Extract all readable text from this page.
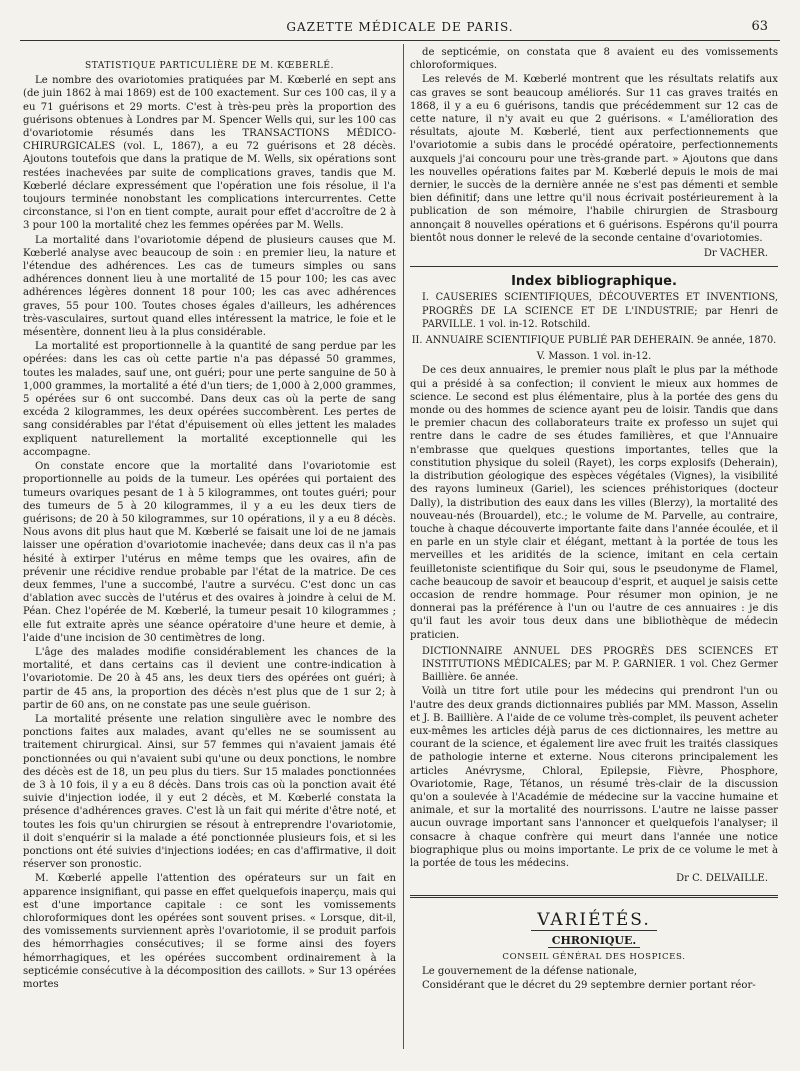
GAZETTE MÉDICALE DE PARIS.	63

STATISTIQUE PARTICULIÈRE DE M. KŒBERLÉ.

Le nombre des ovariotomies pratiquées par M. Kœberlé en sept ans (de juin 1862 à mai 1869) est de 100 exactement. Sur ces 100 cas, il y a eu 71 guérisons et 29 morts. C'est à très-peu près la proportion des guérisons obtenues à Londres par M. Spencer Wells qui, sur les 100 cas d'ovariotomie résumés dans les TRANSACTIONS MÉDICO-CHIRURGICALES (vol. L, 1867), a eu 72 guérisons et 28 décès. Ajoutons toutefois que dans la pratique de M. Wells, six opérations sont restées inachevées par suite de complications graves, tandis que M. Kœberlé déclare expressément que l'opération une fois résolue, il l'a toujours terminée nonobstant les complications intercurrentes. Cette circonstance, si l'on en tient compte, aurait pour effet d'accroître de 2 à 3 pour 100 la mortalité chez les femmes opérées par M. Wells.

La mortalité dans l'ovariotomie dépend de plusieurs causes que M. Kœberlé analyse avec beaucoup de soin : en premier lieu, la nature et l'étendue des adhérences. Les cas de tumeurs simples ou sans adhérences donnent lieu à une mortalité de 15 pour 100; les cas avec adhérences légères donnent 18 pour 100; les cas avec adhérences graves, 55 pour 100. Toutes choses égales d'ailleurs, les adhérences très-vasculaires, surtout quand elles intéressent la matrice, le foie et le mésentère, donnent lieu à la plus considérable.

La mortalité est proportionnelle à la quantité de sang perdue par les opérées: dans les cas où cette partie n'a pas dépassé 50 grammes, toutes les malades, sauf une, ont guéri; pour une perte sanguine de 50 à 1,000 grammes, la mortalité a été d'un tiers; de 1,000 à 2,000 grammes, 5 opérées sur 6 ont succombé. Dans deux cas où la perte de sang excéda 2 kilogrammes, les deux opérées succombèrent. Les pertes de sang considérables par l'état d'épuisement où elles jettent les malades expliquent naturellement la mortalité exceptionnelle qui les accompagne.

On constate encore que la mortalité dans l'ovariotomie est proportionnelle au poids de la tumeur. Les opérées qui portaient des tumeurs ovariques pesant de 1 à 5 kilogrammes, ont toutes guéri; pour des tumeurs de 5 à 20 kilogrammes, il y a eu les deux tiers de guérisons; de 20 à 50 kilogrammes, sur 10 opérations, il y a eu 8 décès. Nous avons dit plus haut que M. Kœberlé se faisait une loi de ne jamais laisser une opération d'ovariotomie inachevée; dans deux cas il n'a pas hésité à extirper l'utérus en même temps que les ovaires, afin de prévenir une récidive rendue probable par l'état de la matrice. De ces deux femmes, l'une a succombé, l'autre a survécu. C'est donc un cas d'ablation avec succès de l'utérus et des ovaires à joindre à celui de M. Péan. Chez l'opérée de M. Kœberlé, la tumeur pesait 10 kilogrammes ; elle fut extraite après une séance opératoire d'une heure et demie, à l'aide d'une incision de 30 centimètres de long.

L'âge des malades modifie considérablement les chances de la mortalité, et dans certains cas il devient une contre-indication à l'ovariotomie. De 20 à 45 ans, les deux tiers des opérées ont guéri; à partir de 45 ans, la proportion des décès n'est plus que de 1 sur 2; à partir de 60 ans, on ne constate pas une seule guérison.

La mortalité présente une relation singulière avec le nombre des ponctions faites aux malades, avant qu'elles ne se soumissent au traitement chirurgical. Ainsi, sur 57 femmes qui n'avaient jamais été ponctionnées ou qui n'avaient subi qu'une ou deux ponctions, le nombre des décès est de 18, un peu plus du tiers. Sur 15 malades ponctionnées de 3 à 10 fois, il y a eu 8 décès. Dans trois cas où la ponction avait été suivie d'injection iodée, il y eut 2 décès, et M. Kœberlé constata la présence d'adhérences graves. C'est là un fait qui mérite d'être noté, et toutes les fois qu'un chirurgien se résout à entreprendre l'ovariotomie, il doit s'enquérir si la malade a été ponctionnée plusieurs fois, et si les ponctions ont été suivies d'injections iodées; en cas d'affirmative, il doit réserver son pronostic.

M. Kœberlé appelle l'attention des opérateurs sur un fait en apparence insignifiant, qui passe en effet quelquefois inaperçu, mais qui est d'une importance capitale : ce sont les vomissements chloroformiques dont les opérées sont souvent prises. « Lorsque, dit-il, des vomissements surviennent après l'ovariotomie, il se produit parfois des hémorrhagies consécutives; il se forme ainsi des foyers hémorrhagiques, et les opérées succombent ordinairement à la septicémie consécutive à la décomposition des caillots. » Sur 13 opérées mortes

de septicémie, on constata que 8 avaient eu des vomissements chloroformiques.

Les relevés de M. Kœberlé montrent que les résultats relatifs aux cas graves se sont beaucoup améliorés. Sur 11 cas graves traités en 1868, il y a eu 6 guérisons, tandis que précédemment sur 12 cas de cette nature, il n'y avait eu que 2 guérisons. « L'amélioration des résultats, ajoute M. Kœberlé, tient aux perfectionnements que l'ovariotomie a subis dans le procédé opératoire, perfectionnements auxquels j'ai concouru pour une très-grande part. » Ajoutons que dans les nouvelles opérations faites par M. Kœberlé depuis le mois de mai dernier, le succès de la dernière année ne s'est pas démenti et semble bien définitif; dans une lettre qu'il nous écrivait postérieurement à la publication de son mémoire, l'habile chirurgien de Strasbourg annonçait 8 nouvelles opérations et 6 guérisons. Espérons qu'il pourra bientôt nous donner le relevé de la seconde centaine d'ovariotomies.

Dr VACHER.

Index bibliographique.

I. CAUSERIES SCIENTIFIQUES, DÉCOUVERTES ET INVENTIONS, PROGRÈS DE LA SCIENCE ET DE L'INDUSTRIE; par Henri de PARVILLE. 1 vol. in-12. Rotschild.

II. ANNUAIRE SCIENTIFIQUE PUBLIÉ PAR DEHERAIN. 9e année, 1870.

V. Masson. 1 vol. in-12.

De ces deux annuaires, le premier nous plaît le plus par la méthode qui a présidé à sa confection; il convient le mieux aux hommes de science. Le second est plus élémentaire, plus à la portée des gens du monde ou des hommes de science ayant peu de loisir. Tandis que dans le premier chacun des collaborateurs traite ex professo un sujet qui rentre dans le cadre de ses études familières, et que l'Annuaire n'embrasse que quelques questions importantes, telles que la constitution physique du soleil (Rayet), les corps explosifs (Deherain), la distribution géologique des espèces végétales (Vignes), la visibilité des rayons lumineux (Gariel), les sciences préhistoriques (docteur Dally), la distribution des eaux dans les villes (Blerzy), la mortalité des nouveau-nés (Brouardel), etc.; le volume de M. Parvelle, au contraire, touche à chaque découverte importante faite dans l'année écoulée, et il en parle en un style clair et élégant, mettant à la portée de tous les merveilles et les aridités de la science, imitant en cela certain feuilletoniste scientifique du Soir qui, sous le pseudonyme de Flamel, cache beaucoup de savoir et beaucoup d'esprit, et auquel je saisis cette occasion de rendre hommage. Pour résumer mon opinion, je ne donnerai pas la préférence à l'un ou l'autre de ces annuaires : je dis qu'il faut les avoir tous deux dans une bibliothèque de médecin praticien.

DICTIONNAIRE ANNUEL DES PROGRÈS DES SCIENCES ET INSTITUTIONS MÉDICALES; par M. P. GARNIER. 1 vol. Chez Germer Baillière. 6e année.

Voilà un titre fort utile pour les médecins qui prendront l'un ou l'autre des deux grands dictionnaires publiés par MM. Masson, Asselin et J. B. Baillière. A l'aide de ce volume très-complet, ils peuvent acheter eux-mêmes les articles déjà parus de ces dictionnaires, les mettre au courant de la science, et également lire avec fruit les traités classiques de pathologie interne et externe. Nous citerons principalement les articles Anévrysme, Chloral, Epilepsie, Fièvre, Phosphore, Ovariotomie, Rage, Tétanos, un résumé très-clair de la discussion qu'on a soulevée à l'Académie de médecine sur la vaccine humaine et animale, et sur la mortalité des nourrissons. L'autre ne laisse passer aucun ouvrage important sans l'annoncer et quelquefois l'analyser; il consacre à chaque confrère qui meurt dans l'année une notice biographique plus ou moins importante. Le prix de ce volume le met à la portée de tous les médecins.

Dr C. DELVAILLE.

VARIÉTÉS.

CHRONIQUE.

CONSEIL GÉNÉRAL DES HOSPICES.

Le gouvernement de la défense nationale,

Considérant que le décret du 29 septembre dernier portant réor-
